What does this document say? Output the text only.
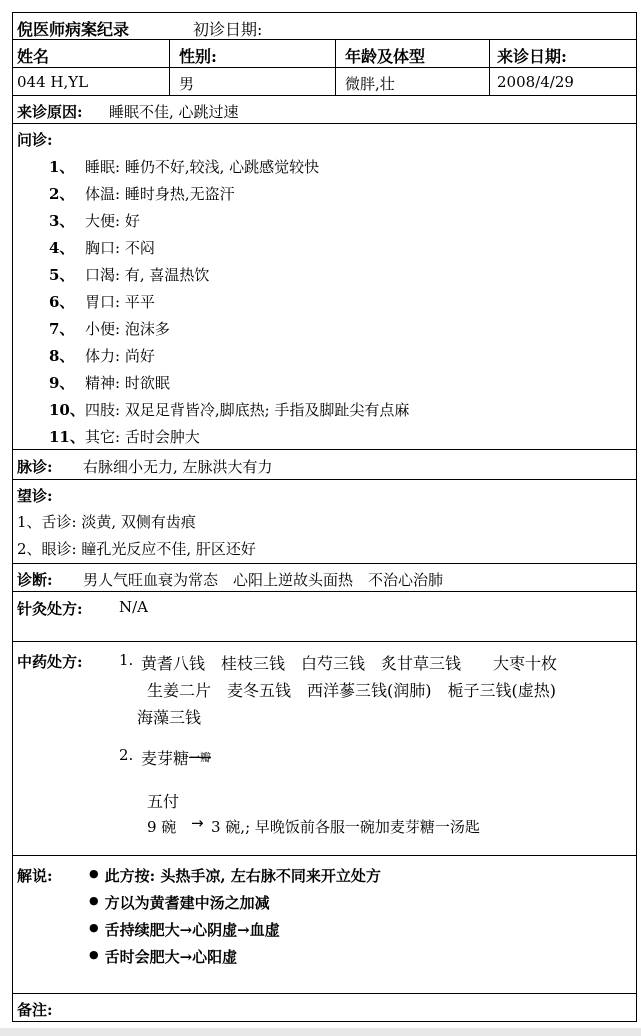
倪医师病案纪录	初诊日期:
姓名	性别:	年龄及体型	来诊日期:
044 H,YL	男	微胖,壮	2008/4/29
来诊原因: 睡眠不佳, 心跳过速
问诊:
1、 睡眠: 睡仍不好,较浅, 心跳感觉较快
2、 体温: 睡时身热,无盗汗
3、 大便: 好
4、 胸口: 不闷
5、 口渴: 有, 喜温热饮
6、 胃口: 平平
7、 小便: 泡沫多
8、 体力: 尚好
9、 精神: 时欲眠
10、四肢: 双足足背皆冷,脚底热; 手指及脚趾尖有点麻
11、其它: 舌时会肿大
脉诊: 右脉细小无力, 左脉洪大有力
望诊:
1、舌诊: 淡黄, 双侧有齿痕
2、眼诊: 瞳孔光反应不佳, 肝区还好
诊断: 男人气旺血衰为常态　心阳上逆故头面热　不治心治肺
针灸处方: N/A
中药处方: 1. 黄耆八钱　桂枝三钱　白芍三钱　炙甘草三钱　　大枣十枚
生姜二片　麦冬五钱　西洋蔘三钱(润肺)　栀子三钱(虚热)
海藻三钱
2. 麦芽糖 一瓣
五付
9 碗 → 3 碗,; 早晚饭前各服一碗加麦芽糖一汤匙
解说:	● 此方按: 头热手凉, 左右脉不同来开立处方
● 方以为黄耆建中汤之加减
● 舌持续肥大→心阴虚→血虚
● 舌时会肥大→心阳虚
备注:
